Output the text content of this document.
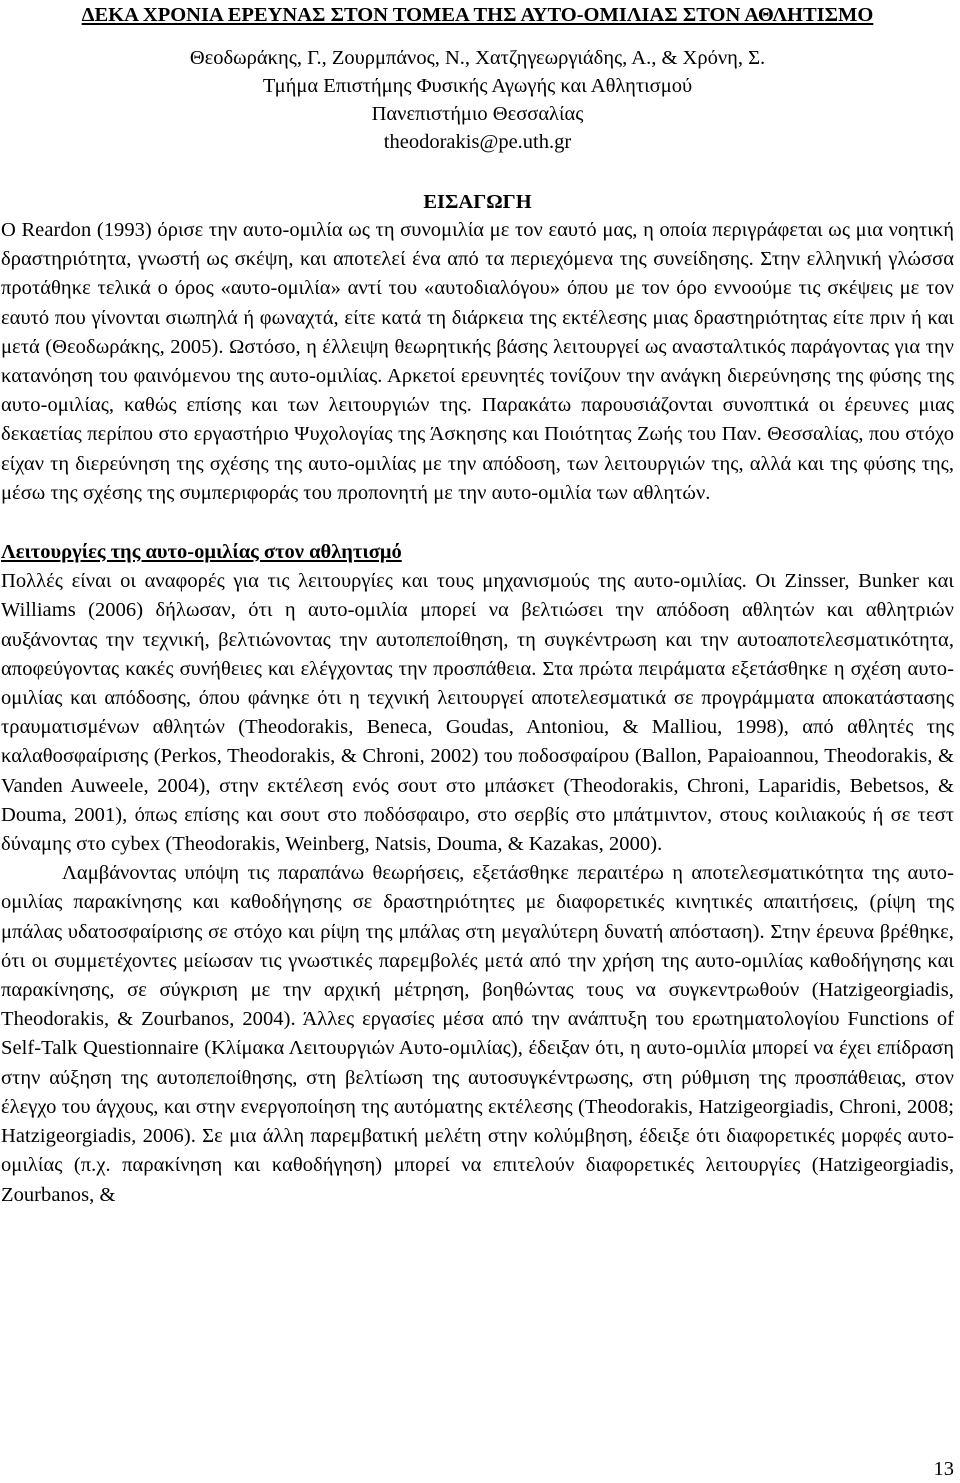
ΔΕΚΑ ΧΡΟΝΙΑ ΕΡΕΥΝΑΣ ΣΤΟΝ ΤΟΜΕΑ ΤΗΣ ΑΥΤΟ-ΟΜΙΛΙΑΣ ΣΤΟΝ ΑΘΛΗΤΙΣΜΟ
Θεοδωράκης, Γ., Ζουρμπάνος, Ν., Χατζηγεωργιάδης, Α., & Χρόνη, Σ.
Τμήμα Επιστήμης Φυσικής Αγωγής και Αθλητισμού
Πανεπιστήμιο Θεσσαλίας
theodorakis@pe.uth.gr
ΕΙΣΑΓΩΓΗ

Ο Reardon (1993) όρισε την αυτο-ομιλία ως τη συνομιλία με τον εαυτό μας, η οποία περιγράφεται ως μια νοητική δραστηριότητα, γνωστή ως σκέψη, και αποτελεί ένα από τα περιεχόμενα της συνείδησης. Στην ελληνική γλώσσα προτάθηκε τελικά ο όρος «αυτο-ομιλία» αντί του «αυτοδιαλόγου» όπου με τον όρο εννοούμε τις σκέψεις με τον εαυτό που γίνονται σιωπηλά ή φωναχτά, είτε κατά τη διάρκεια της εκτέλεσης μιας δραστηριότητας είτε πριν ή και μετά (Θεοδωράκης, 2005). Ωστόσο, η έλλειψη θεωρητικής βάσης λειτουργεί ως ανασταλτικός παράγοντας για την κατανόηση του φαινόμενου της αυτο-ομιλίας. Αρκετοί ερευνητές τονίζουν την ανάγκη διερεύνησης της φύσης της αυτο-ομιλίας, καθώς επίσης και των λειτουργιών της. Παρακάτω παρουσιάζονται συνοπτικά οι έρευνες μιας δεκαετίας περίπου στο εργαστήριο Ψυχολογίας της Άσκησης και Ποιότητας Ζωής του Παν. Θεσσαλίας, που στόχο είχαν τη διερεύνηση της σχέσης της αυτο-ομιλίας με την απόδοση, των λειτουργιών της, αλλά και της φύσης της, μέσω της σχέσης της συμπεριφοράς του προπονητή με την αυτο-ομιλία των αθλητών.

Λειτουργίες της αυτο-ομιλίας στον αθλητισμό

Πολλές είναι οι αναφορές για τις λειτουργίες και τους μηχανισμούς της αυτο-ομιλίας. Οι Zinsser, Bunker και Williams (2006) δήλωσαν, ότι η αυτο-ομιλία μπορεί να βελτιώσει την απόδοση αθλητών και αθλητριών αυξάνοντας την τεχνική, βελτιώνοντας την αυτοπεποίθηση, τη συγκέντρωση και την αυτοαποτελεσματικότητα, αποφεύγοντας κακές συνήθειες και ελέγχοντας την προσπάθεια. Στα πρώτα πειράματα εξετάσθηκε η σχέση αυτο-ομιλίας και απόδοσης, όπου φάνηκε ότι η τεχνική λειτουργεί αποτελεσματικά σε προγράμματα αποκατάστασης τραυματισμένων αθλητών (Theodorakis, Beneca, Goudas, Antoniou, & Malliou, 1998), από αθλητές της καλαθοσφαίρισης (Perkos, Theodorakis, & Chroni, 2002) του ποδοσφαίρου (Ballon, Papaioannou, Theodorakis, & Vanden Auweele, 2004), στην εκτέλεση ενός σουτ στο μπάσκετ (Theodorakis, Chroni, Laparidis, Bebetsos, & Douma, 2001), όπως επίσης και σουτ στο ποδόσφαιρο, στο σερβίς στο μπάτμιντον, στους κοιλιακούς ή σε τεστ δύναμης στο cybex (Theodorakis, Weinberg, Natsis, Douma, & Kazakas, 2000).

Λαμβάνοντας υπόψη τις παραπάνω θεωρήσεις, εξετάσθηκε περαιτέρω η αποτελεσματικότητα της αυτο-ομιλίας παρακίνησης και καθοδήγησης σε δραστηριότητες με διαφορετικές κινητικές απαιτήσεις, (ρίψη της μπάλας υδατοσφαίρισης σε στόχο και ρίψη της μπάλας στη μεγαλύτερη δυνατή απόσταση). Στην έρευνα βρέθηκε, ότι οι συμμετέχοντες μείωσαν τις γνωστικές παρεμβολές μετά από την χρήση της αυτο-ομιλίας καθοδήγησης και παρακίνησης, σε σύγκριση με την αρχική μέτρηση, βοηθώντας τους να συγκεντρωθούν (Hatzigeorgiadis, Theodorakis, & Zourbanos, 2004). Άλλες εργασίες μέσα από την ανάπτυξη του ερωτηματολογίου Functions of Self-Talk Questionnaire (Κλίμακα Λειτουργιών Αυτο-ομιλίας), έδειξαν ότι, η αυτο-ομιλία μπορεί να έχει επίδραση στην αύξηση της αυτοπεποίθησης, στη βελτίωση της αυτοσυγκέντρωσης, στη ρύθμιση της προσπάθειας, στον έλεγχο του άγχους, και στην ενεργοποίηση της αυτόματης εκτέλεσης (Theodorakis, Hatzigeorgiadis, Chroni, 2008; Hatzigeorgiadis, 2006). Σε μια άλλη παρεμβατική μελέτη στην κολύμβηση, έδειξε ότι διαφορετικές μορφές αυτο-ομιλίας (π.χ. παρακίνηση και καθοδήγηση) μπορεί να επιτελούν διαφορετικές λειτουργίες (Hatzigeorgiadis, Zourbanos, &

13
